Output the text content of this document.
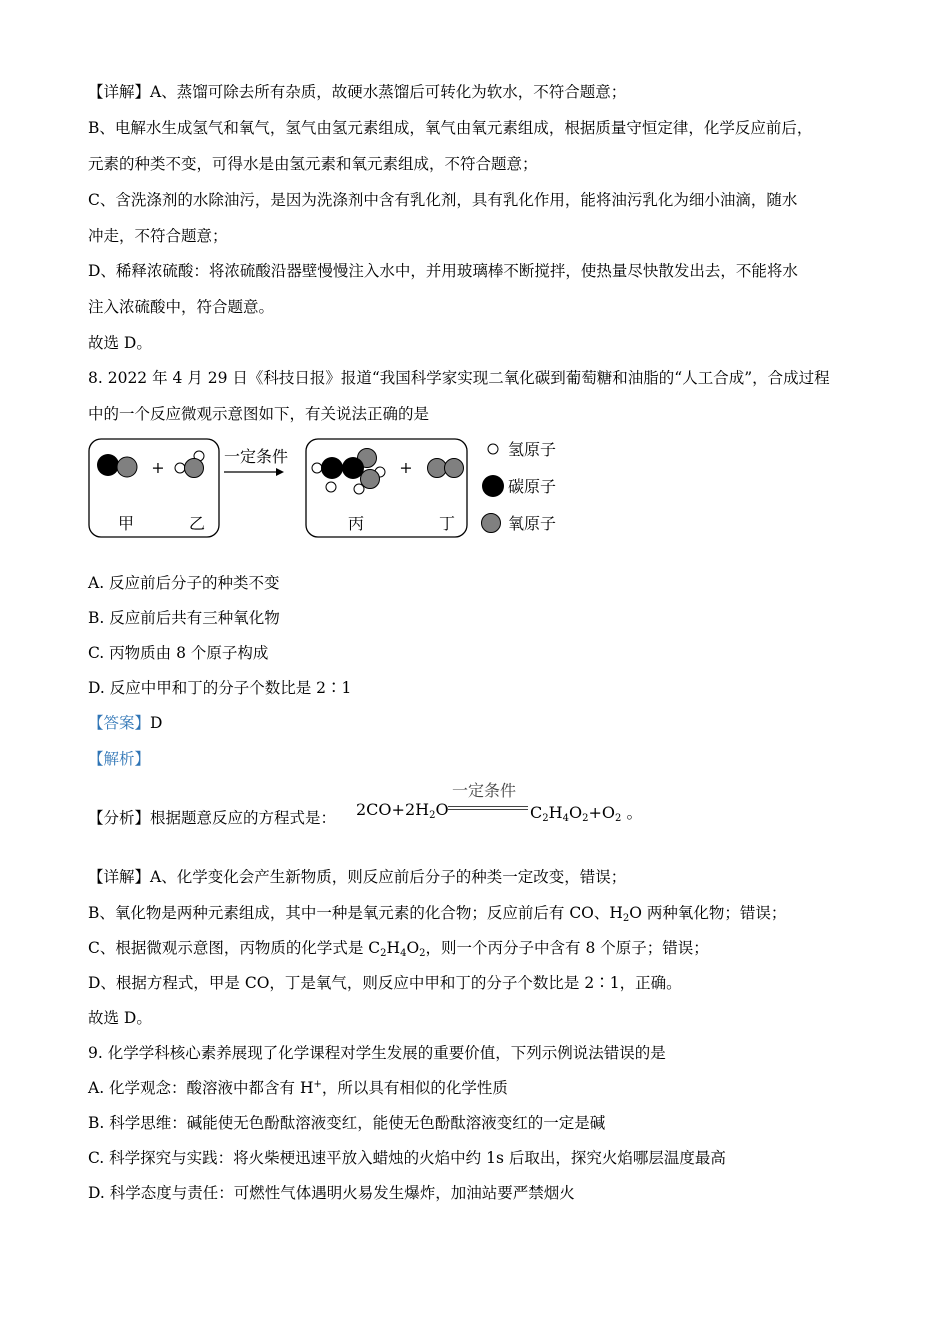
【详解】A、蒸馏可除去所有杂质，故硬水蒸馏后可转化为软水，不符合题意；
B、电解水生成氢气和氧气，氢气由氢元素组成，氧气由氧元素组成，根据质量守恒定律，化学反应前后，
元素的种类不变，可得水是由氢元素和氧元素组成，不符合题意；
C、含洗涤剂的水除油污，是因为洗涤剂中含有乳化剂，具有乳化作用，能将油污乳化为细小油滴，随水
冲走，不符合题意；
D、稀释浓硫酸：将浓硫酸沿器壁慢慢注入水中，并用玻璃棒不断搅拌，使热量尽快散发出去，不能将水
注入浓硫酸中，符合题意。
故选 D。
8. 2022 年 4 月 29 日《科技日报》报道“我国科学家实现二氧化碳到葡萄糖和油脂的“人工合成”，合成过程
中的一个反应微观示意图如下，有关说法正确的是
+
甲	乙
一定条件
+
丙	丁
氢原子
碳原子
氧原子
A. 反应前后分子的种类不变
B. 反应前后共有三种氧化物
C. 丙物质由 8 个原子构成
D. 反应中甲和丁的分子个数比是 2∶1
【答案】D
【解析】
【分析】根据题意反应的方程式是： $2CO+2H_2O$
一定条件
$C_2H_4O_2+O_2$ 。
【详解】A、化学变化会产生新物质，则反应前后分子的种类一定改变，错误；
B、氧化物是两种元素组成，其中一种是氧元素的化合物；反应前后有 CO、$H_2O$ 两种氧化物；错误；
C、根据微观示意图，丙物质的化学式是 $C_2H_4O_2$，则一个丙分子中含有 8 个原子；错误；
D、根据方程式，甲是 CO，丁是氧气，则反应中甲和丁的分子个数比是 2∶1，正确。
故选 D。
9. 化学学科核心素养展现了化学课程对学生发展的重要价值，下列示例说法错误的是
A. 化学观念：酸溶液中都含有 H+，所以具有相似的化学性质
B. 科学思维：碱能使无色酚酞溶液变红，能使无色酚酞溶液变红的一定是碱
C. 科学探究与实践：将火柴梗迅速平放入蜡烛的火焰中约 1s 后取出，探究火焰哪层温度最高
D. 科学态度与责任：可燃性气体遇明火易发生爆炸，加油站要严禁烟火
